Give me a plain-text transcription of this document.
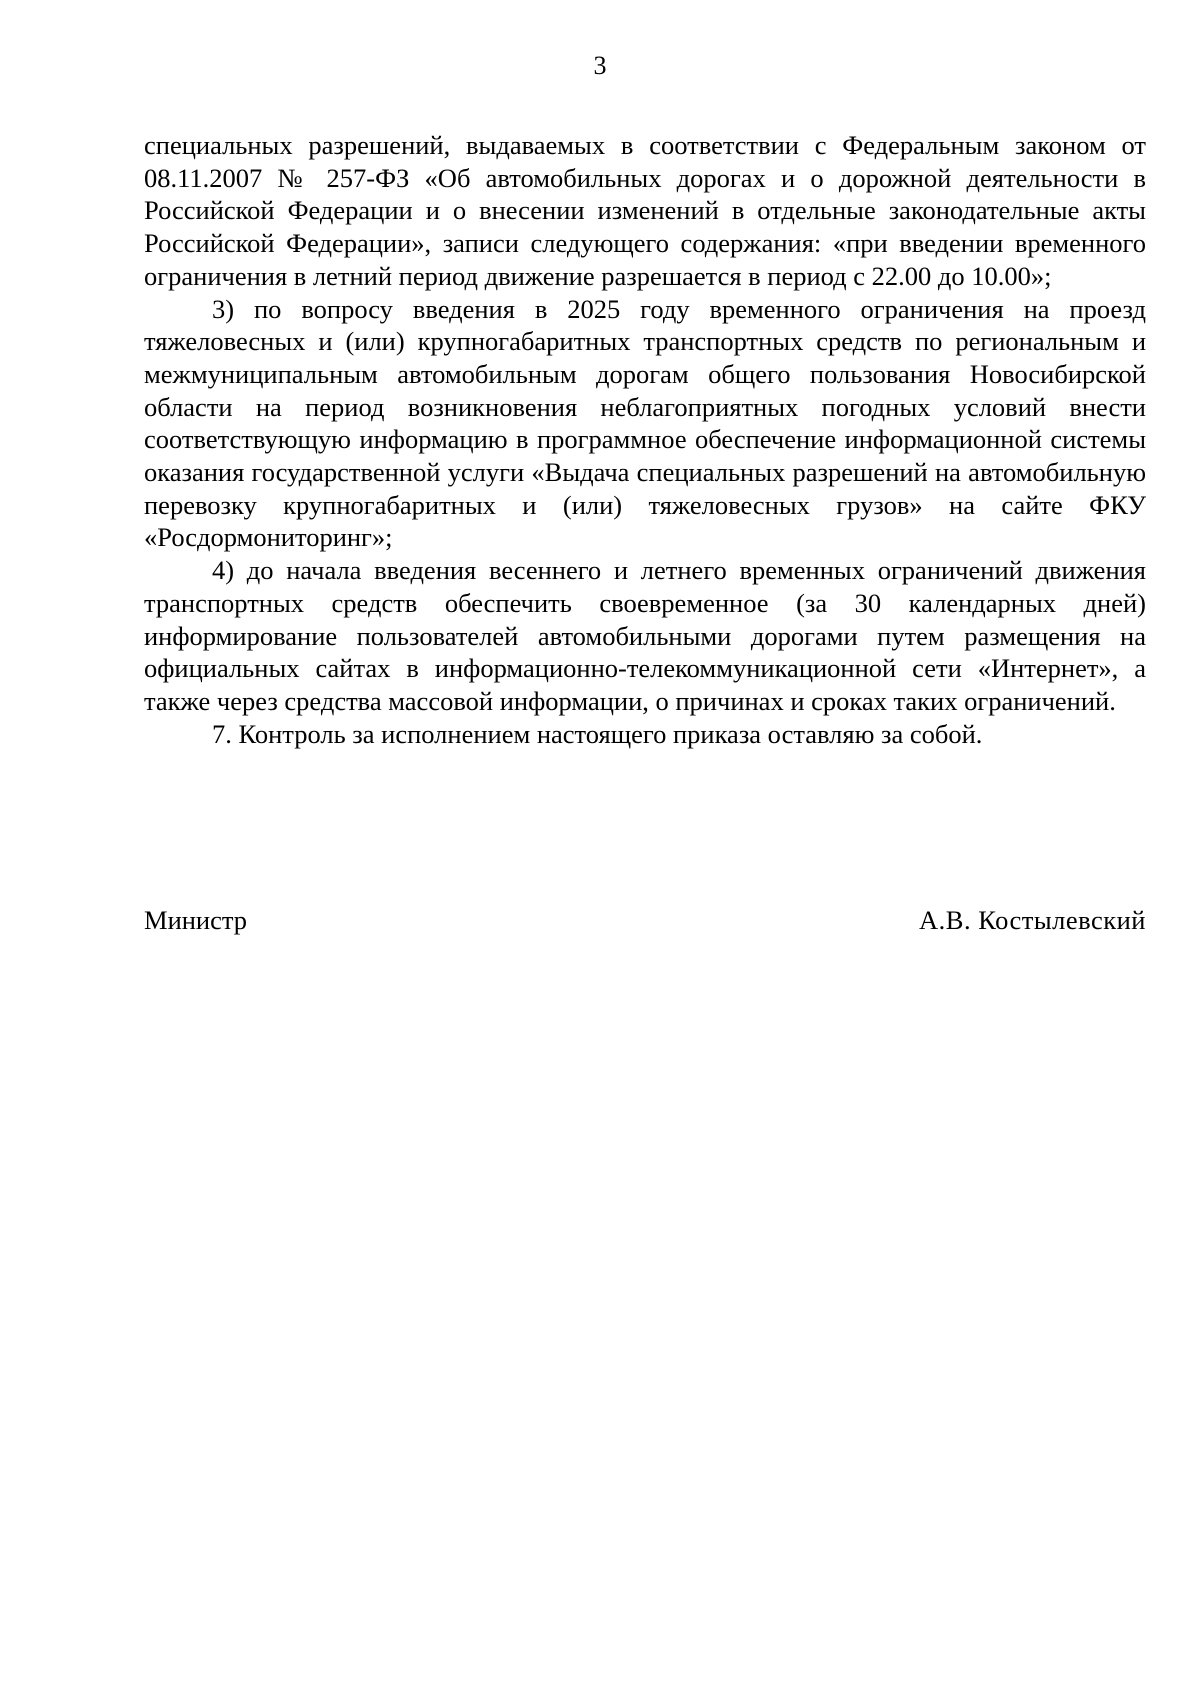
3

специальных разрешений, выдаваемых в соответствии с Федеральным законом от 08.11.2007 № 257-ФЗ «Об автомобильных дорогах и о дорожной деятельности в Российской Федерации и о внесении изменений в отдельные законодательные акты Российской Федерации», записи следующего содержания: «при введении временного ограничения в летний период движение разрешается в период с 22.00 до 10.00»;

3) по вопросу введения в 2025 году временного ограничения на проезд тяжеловесных и (или) крупногабаритных транспортных средств по региональным и межмуниципальным автомобильным дорогам общего пользования Новосибирской области на период возникновения неблагоприятных погодных условий внести соответствующую информацию в программное обеспечение информационной системы оказания государственной услуги «Выдача специальных разрешений на автомобильную перевозку крупногабаритных и (или) тяжеловесных грузов» на сайте ФКУ «Росдормониторинг»;

4) до начала введения весеннего и летнего временных ограничений движения транспортных средств обеспечить своевременное (за 30 календарных дней) информирование пользователей автомобильными дорогами путем размещения на официальных сайтах в информационно-телекоммуникационной сети «Интернет», а также через средства массовой информации, о причинах и сроках таких ограничений.

7. Контроль за исполнением настоящего приказа оставляю за собой.

Министр	А.В. Костылевский
